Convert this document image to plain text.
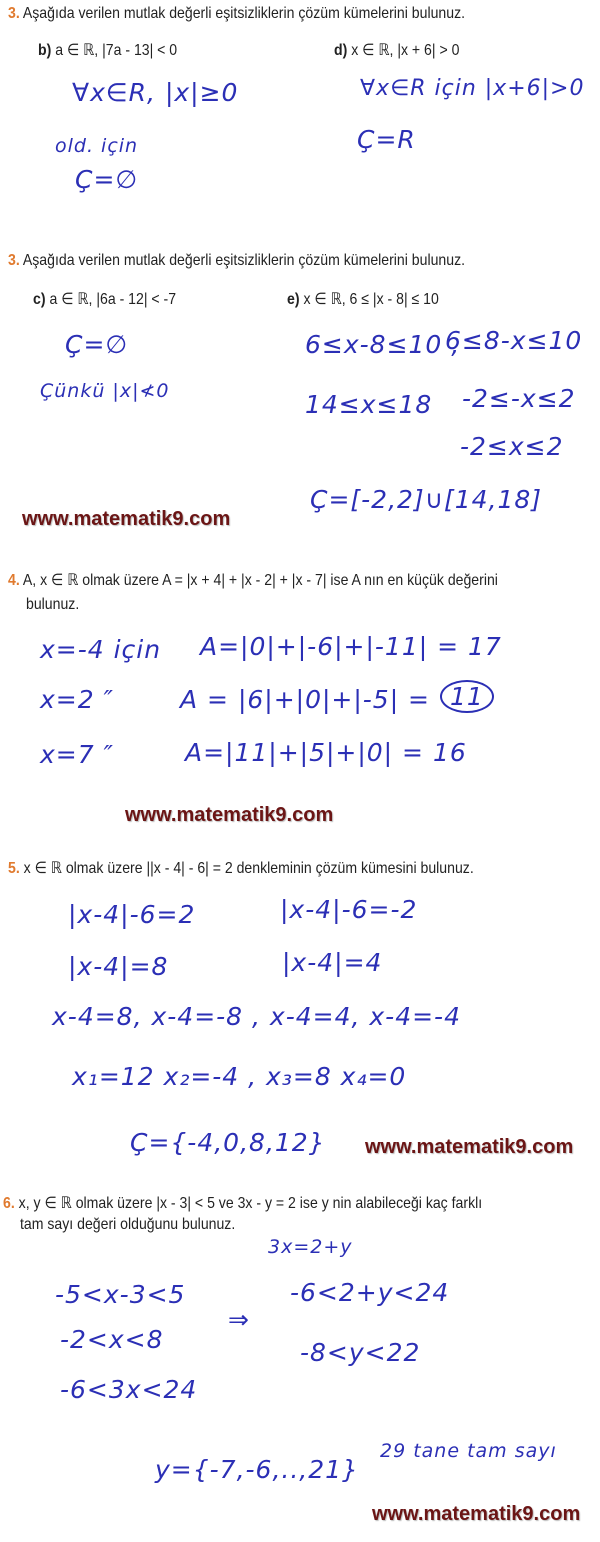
3. Aşağıda verilen mutlak değerli eşitsizliklerin çözüm kümelerini bulunuz.
b) a ∈ ℝ, |7a - 13| < 0	d) x ∈ ℝ, |x + 6| > 0
∀x∈R, |x|≥0
old. için
Ç=∅
∀x∈R için |x+6|>0
Ç=R
3. Aşağıda verilen mutlak değerli eşitsizliklerin çözüm kümelerini bulunuz.
c) a ∈ ℝ, |6a - 12| < -7	e) x ∈ ℝ, 6 ≤ |x - 8| ≤ 10
Ç=∅
Çünkü |x|≮0
6≤x-8≤10 ,
6≤8-x≤10
14≤x≤18 -2≤-x≤2
-2≤x≤2
Ç=[-2,2]∪[14,18]
www.matematik9.com
4. A, x ∈ ℝ olmak üzere A = |x + 4| + |x - 2| + |x - 7| ise A nın en küçük değerini
bulunuz.
x=-4 için A=|0|+|-6|+|-11| = 17
x=2 ″	A = |6|+|0|+|-5| = 11
x=7 ″	A=|11|+|5|+|0| = 16
www.matematik9.com
5. x ∈ ℝ olmak üzere ||x - 4| - 6| = 2 denkleminin çözüm kümesini bulunuz.
|x-4|-6=2	|x-4|-6=-2
|x-4|=8	|x-4|=4
x-4=8, x-4=-8 , x-4=4, x-4=-4
x₁=12 x₂=-4 , x₃=8 x₄=0
Ç={-4,0,8,12} www.matematik9.com
6. x, y ∈ ℝ olmak üzere |x - 3| < 5 ve 3x - y = 2 ise y nin alabileceği kaç farklı
tam sayı değeri olduğunu bulunuz.
3x=2+y
-5<x-3<5	-6<2+y<24
⇒
-2<x<8	-8<y<22
-6<3x<24
y={-7,-6,..,21}
29 tane tam sayı
www.matematik9.com
